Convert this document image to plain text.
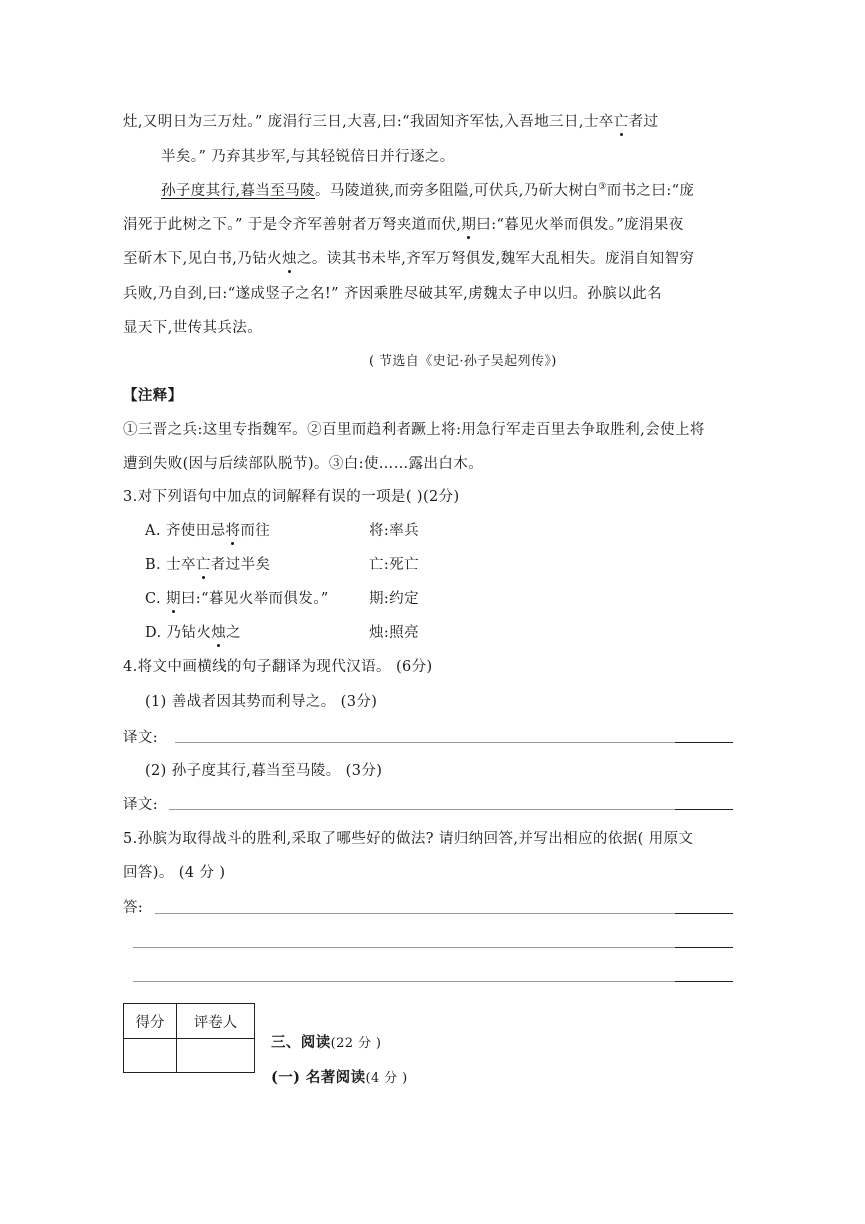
灶,又明日为三万灶。” 庞涓行三日,大喜,曰:“我固知齐军怯,入吾地三日,士卒亡者过
半矣。” 乃弃其步军,与其轻锐倍日并行逐之。
孙子度其行,暮当至马陵。马陵道狭,而旁多阻隘,可伏兵,乃斫大树白③而书之曰:“庞
涓死于此树之下。” 于是令齐军善射者万弩夹道而伏,期曰:“暮见火举而俱发。”庞涓果夜
至斫木下,见白书,乃钻火烛之。读其书未毕,齐军万弩俱发,魏军大乱相失。庞涓自知智穷
兵败,乃自刭,曰:“遂成竖子之名!” 齐因乘胜尽破其军,虏魏太子申以归。孙膑以此名
显天下,世传其兵法。
( 节选自《史记·孙子吴起列传》)
【注释】
①三晋之兵:这里专指魏军。②百里而趋利者蹶上将:用急行军走百里去争取胜利,会使上将
遭到失败(因与后续部队脱节)。③白:使……露出白木。
3.对下列语句中加点的词解释有误的一项是( )(2分)
A. 齐使田忌将而往	将:率兵
B. 士卒亡者过半矣	亡:死亡
C. 期曰:“暮见火举而俱发。”	期:约定
D. 乃钻火烛之	烛:照亮
4.将文中画横线的句子翻译为现代汉语。 (6分)
(1) 善战者因其势而利导之。 (3分)
译文:
(2) 孙子度其行,暮当至马陵。 (3分)
译文:
5.孙膑为取得战斗的胜利,采取了哪些好的做法? 请归纳回答,并写出相应的依据( 用原文
回答)。 (4 分 )
答:
得分	评卷人

三、阅读(22 分 )
(一) 名著阅读(4 分 )
